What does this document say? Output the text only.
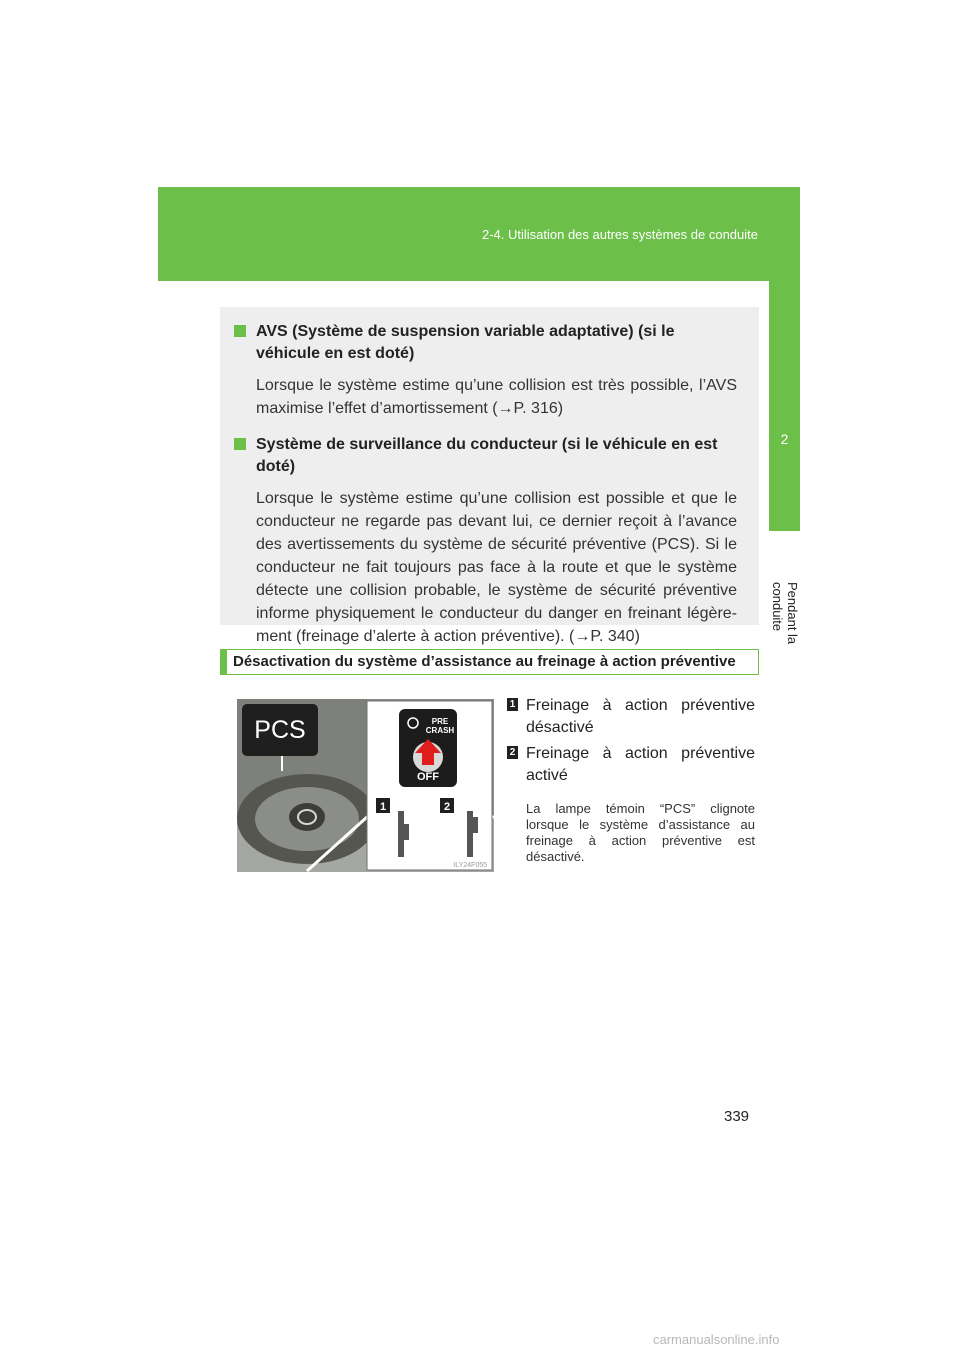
2-4. Utilisation des autres systèmes de conduite
2
Pendant la conduite
AVS (Système de suspension variable adaptative) (si le véhicule en est doté)
Lorsque le système estime qu’une collision est très possible, l’AVS maximise l’effet d’amortissement (→P. 316)
Système de surveillance du conducteur (si le véhicule en est doté)
Lorsque le système estime qu’une collision est possible et que le conducteur ne regarde pas devant lui, ce dernier reçoit à l’avance des avertissements du système de sécurité préventive (PCS). Si le conducteur ne fait toujours pas face à la route et que le système détecte une collision probable, le système de sécurité préventive informe physiquement le conducteur du danger en freinant légère-ment (freinage d’alerte à action préventive). (→P. 340)
Désactivation du système d’assistance au freinage à action préventive
PCS	PRE
CRASH
OFF
1	2
ILY24F055
1 Freinage à action préventive désactivé
2 Freinage à action préventive activé
La lampe témoin “PCS” clignote lorsque le système d’assistance au freinage à action préventive est désactivé.
339
carmanualsonline.info
